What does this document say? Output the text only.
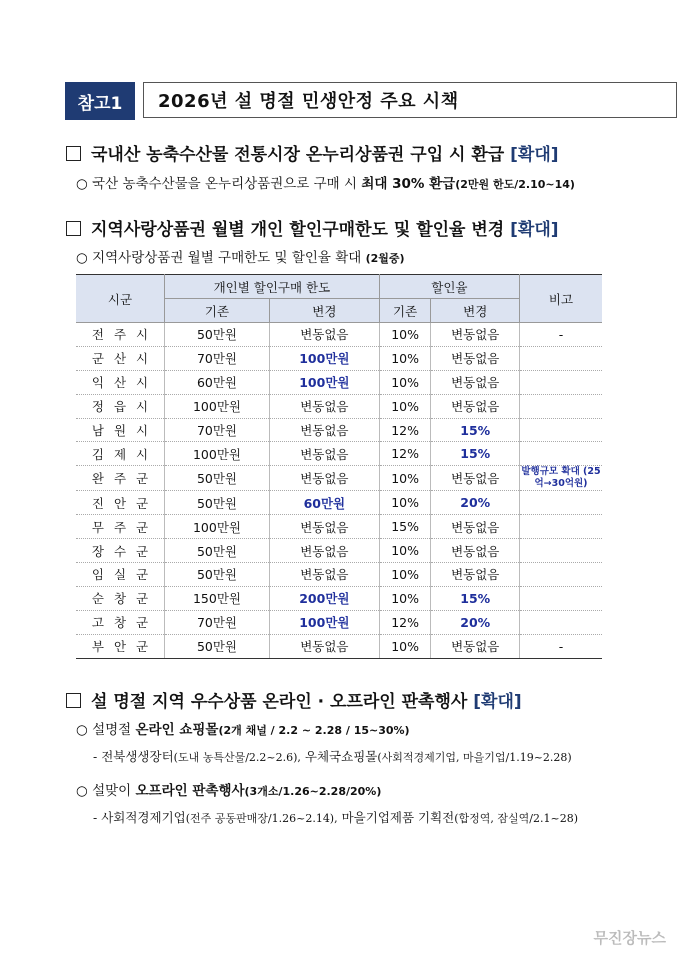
참고1	2026년 설 명절 민생안정 주요 시책
국내산 농축수산물 전통시장 온누리상품권 구입 시 환급 [확대]
○ 국산 농축수산물을 온누리상품권으로 구매 시 최대 30% 환급(2만원 한도/2.10~14)
지역사랑상품권 월별 개인 할인구매한도 및 할인율 변경 [확대]
○ 지역사랑상품권 월별 구매한도 및 할인율 확대 (2월중)
시군	개인별 할인구매 한도		할인율		비고
	기존	변경	기존	변경	
전주시	50만원	변동없음	10%	변동없음	-
군산시	70만원	100만원	10%	변동없음	
익산시	60만원	100만원	10%	변동없음	
정읍시	100만원	변동없음	10%	변동없음	
남원시	70만원	변동없음	12%	15%	
김제시	100만원	변동없음	12%	15%	
완주군	50만원	변동없음	10%	변동없음	발행규모 확대 (25억→30억원)
진안군	50만원	60만원	10%	20%	
무주군	100만원	변동없음	15%	변동없음	
장수군	50만원	변동없음	10%	변동없음	
임실군	50만원	변동없음	10%	변동없음	
순창군	150만원	200만원	10%	15%	
고창군	70만원	100만원	12%	20%	
부안군	50만원	변동없음	10%	변동없음	-
설 명절 지역 우수상품 온라인 · 오프라인 판촉행사 [확대]
○ 설명절 온라인 쇼핑몰(2개 채널 / 2.2 ~ 2.28 / 15~30%)
- 전북생생장터(도내 농특산물/2.2~2.6), 우체국쇼핑몰(사회적경제기업, 마을기업/1.19~2.28)
○ 설맞이 오프라인 판촉행사(3개소/1.26~2.28/20%)
- 사회적경제기업(전주 공동판매장/1.26~2.14), 마을기업제품 기획전(합정역, 잠실역/2.1~28)
무진장뉴스
